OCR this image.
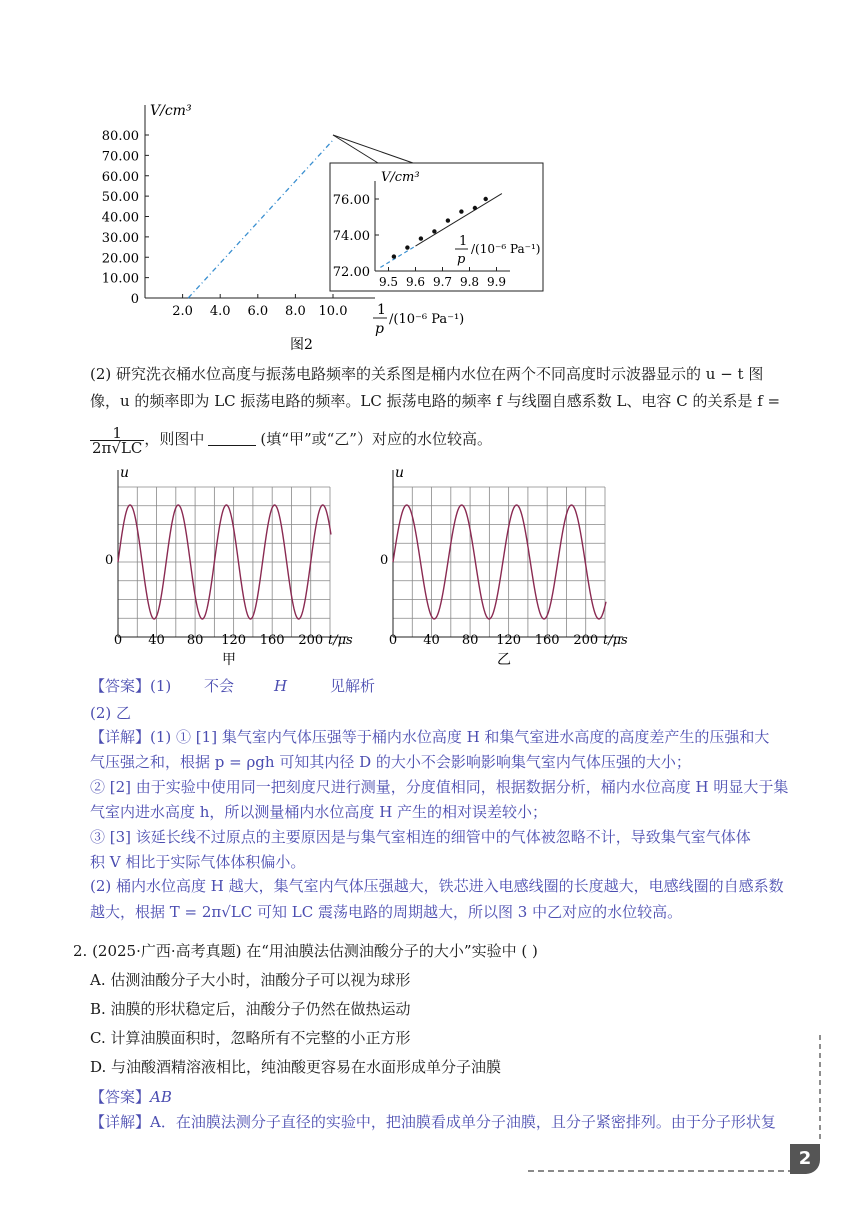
V/cm³
80.00
70.00
60.00
50.00
40.00
30.00
20.00
10.00
0
2.0 4.0 6.0 8.0 10.0 1
p
/(10⁻⁶ Pa⁻¹)
图2
V/cm³
76.00
74.00
72.00
9.5 9.6 9.7 9.8 9.9
1
p
/(10⁻⁶ Pa⁻¹)
(2) 研究洗衣桶水位高度与振荡电路频率的关系图是桶内水位在两个不同高度时示波器显示的 u − t 图
像，u 的频率即为 LC 振荡电路的频率。LC 振荡电路的频率 f 与线圈自感系数 L、电容 C 的关系是 f =
$\frac{1}{2\pi√LC}$ ，则图中	(填“甲”或“乙”）对应的水位较高。
u
0
0 40 80 120 160 200 t/μs
甲
u
0
0 40 80 120 160 200 t/μs
乙
【答案】(1) 不会	H	见解析
(2) 乙
【详解】(1) ① [1] 集气室内气体压强等于桶内水位高度 H 和集气室进水高度的高度差产生的压强和大
气压强之和，根据 p = ρgh 可知其内径 D 的大小不会影响影响集气室内气体压强的大小；
② [2] 由于实验中使用同一把刻度尺进行测量，分度值相同，根据数据分析，桶内水位高度 H 明显大于集
气室内进水高度 h，所以测量桶内水位高度 H 产生的相对误差较小；
③ [3] 该延长线不过原点的主要原因是与集气室相连的细管中的气体被忽略不计，导致集气室气体体
积 V 相比于实际气体体积偏小。
(2) 桶内水位高度 H 越大，集气室内气体压强越大，铁芯进入电感线圈的长度越大，电感线圈的自感系数
越大，根据 T = 2π√LC 可知 LC 震荡电路的周期越大，所以图 3 中乙对应的水位较高。
2. (2025·广西·高考真题) 在“用油膜法估测油酸分子的大小”实验中 ( )
A. 估测油酸分子大小时，油酸分子可以视为球形
B. 油膜的形状稳定后，油酸分子仍然在做热运动
C. 计算油膜面积时，忽略所有不完整的小正方形
D. 与油酸酒精溶液相比，纯油酸更容易在水面形成单分子油膜
【答案】AB
【详解】A．在油膜法测分子直径的实验中，把油膜看成单分子油膜，且分子紧密排列。由于分子形状复
2
